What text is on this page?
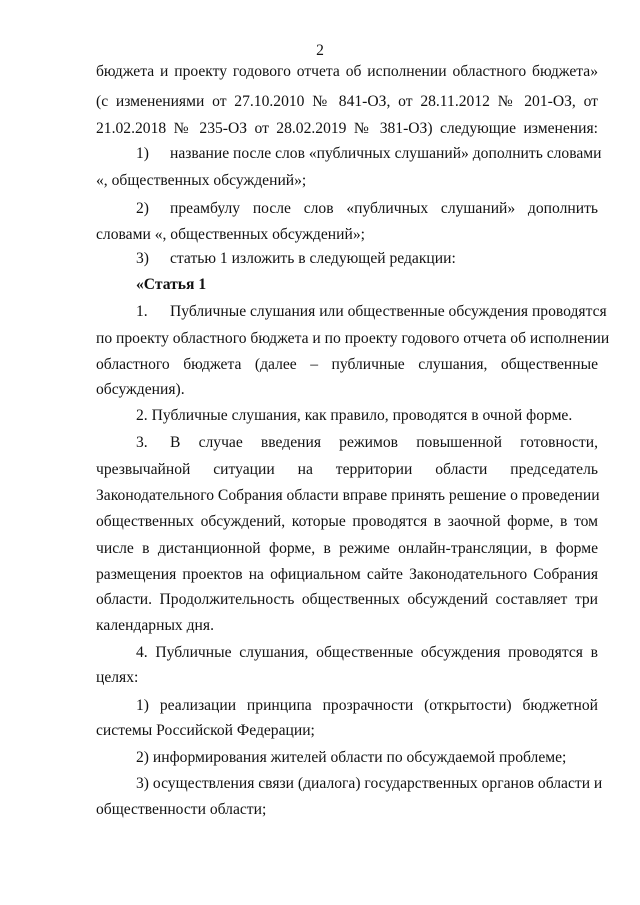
2
бюджета и проекту годового отчета об исполнении областного бюджета»
(с изменениями от 27.10.2010 № 841-ОЗ, от 28.11.2012 № 201-ОЗ, от
21.02.2018 № 235-ОЗ от 28.02.2019 № 381-ОЗ) следующие изменения:
1) название после слов «публичных слушаний» дополнить словами
«, общественных обсуждений»;
2) преамбулу после слов «публичных слушаний» дополнить
словами «, общественных обсуждений»;
3) статью 1 изложить в следующей редакции:
«Статья 1
1. Публичные слушания или общественные обсуждения проводятся
по проекту областного бюджета и по проекту годового отчета об исполнении
областного бюджета (далее – публичные слушания, общественные
обсуждения).
2. Публичные слушания, как правило, проводятся в очной форме.
3. В случае введения режимов повышенной готовности,
чрезвычайной ситуации на территории области председатель
Законодательного Собрания области вправе принять решение о проведении
общественных обсуждений, которые проводятся в заочной форме, в том
числе в дистанционной форме, в режиме онлайн-трансляции, в форме
размещения проектов на официальном сайте Законодательного Собрания
области. Продолжительность общественных обсуждений составляет три
календарных дня.
4. Публичные слушания, общественные обсуждения проводятся в
целях:
1) реализации принципа прозрачности (открытости) бюджетной
системы Российской Федерации;
2) информирования жителей области по обсуждаемой проблеме;
3) осуществления связи (диалога) государственных органов области и
общественности области;
